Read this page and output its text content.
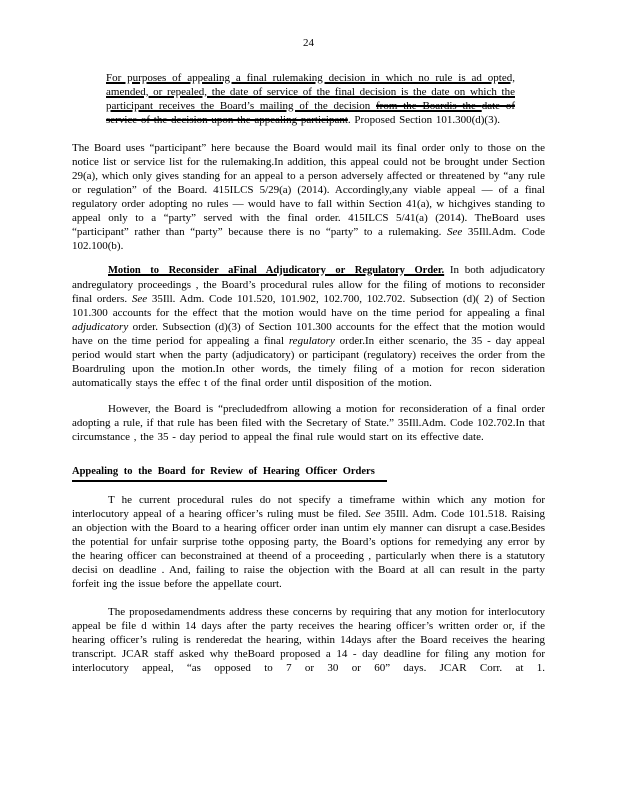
24
For purposes of appealing a final rulemaking decision in which no rule is ad opted, amended, or repealed, the date of service of the final decision is the date on which the participant receives the Board’s mailing of the decision from the Boardis the date of service of the decision upon the appealing participant. Proposed Section 101.300(d)(3).

The Board uses “participant” here because the Board would mail its final order only to those on the notice list or service list for the rulemaking.In addition, this appeal could not be brought under Section 29(a), which only gives standing for an appeal to a person adversely affected or threatened by “any rule or regulation” of the Board. 415ILCS 5/29(a) (2014). Accordingly,any viable appeal — of a final regulatory order adopting no rules — would have to fall within Section 41(a), w hichgives standing to appeal only to a “party” served with the final order. 415ILCS 5/41(a) (2014). TheBoard uses “participant” rather than “party” because there is no “party” to a rulemaking. See 35Ill.Adm. Code 102.100(b).

Motion to Reconsider aFinal Adjudicatory or Regulatory Order. In both adjudicatory andregulatory proceedings , the Board’s procedural rules allow for the filing of motions to reconsider final orders. See 35Ill. Adm. Code 101.520, 101.902, 102.700, 102.702. Subsection (d)( 2) of Section 101.300 accounts for the effect that the motion would have on the time period for appealing a final adjudicatory order. Subsection (d)(3) of Section 101.300 accounts for the effect that the motion would have on the time period for appealing a final regulatory order.In either scenario, the 35 - day appeal period would start when the party (adjudicatory) or participant (regulatory) receives the order from the Boardruling upon the motion.In other words, the timely filing of a motion for recon sideration automatically stays the effec t of the final order until disposition of the motion.

However, the Board is “precludedfrom allowing a motion for reconsideration of a final order adopting a rule, if that rule has been filed with the Secretary of State.” 35Ill.Adm. Code 102.702.In that circumstance , the 35 - day period to appeal the final rule would start on its effective date.

Appealing to the Board for Review of Hearing Officer Orders

T he current procedural rules do not specify a timeframe within which any motion for interlocutory appeal of a hearing officer’s ruling must be filed. See 35Ill. Adm. Code 101.518. Raising an objection with the Board to a hearing officer order inan untim ely manner can disrupt a case.Besides the potential for unfair surprise tothe opposing party, the Board’s options for remedying any error by the hearing officer can beconstrained at theend of a proceeding , particularly when there is a statutory decisi on deadline . And, failing to raise the objection with the Board at all can result in the party forfeit ing the issue before the appellate court.

The proposedamendments address these concerns by requiring that any motion for interlocutory appeal be file d within 14 days after the party receives the hearing officer’s written order or, if the hearing officer’s ruling is renderedat the hearing, within 14days after the Board receives the hearing transcript. JCAR staff asked why theBoard proposed a 14 - day deadline for filing any motion for interlocutory appeal, “as opposed to 7 or 30 or 60” days. JCAR Corr. at 1.
